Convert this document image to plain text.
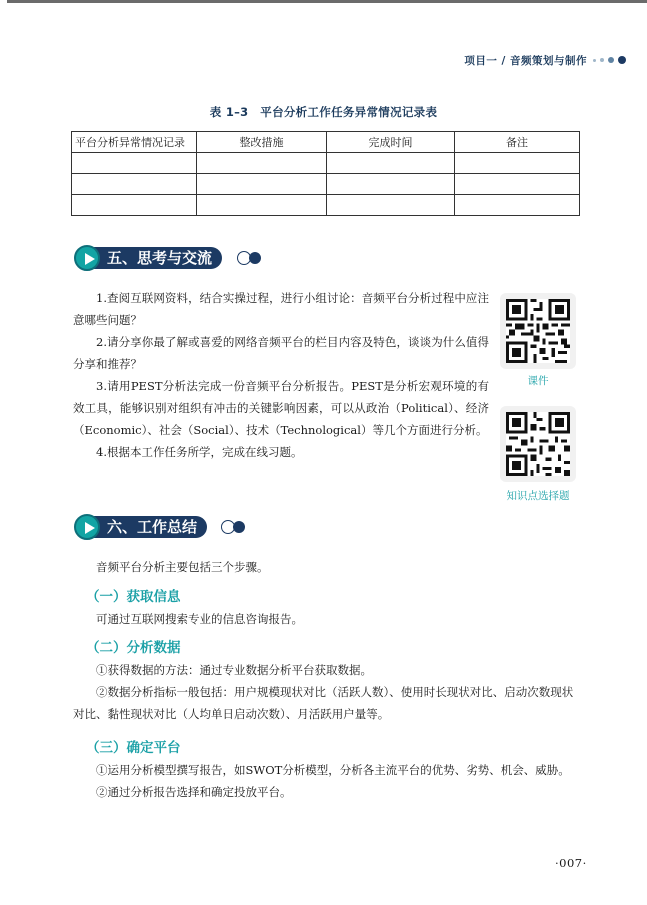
项目一 / 音频策划与制作
表 1–3　平台分析工作任务异常情况记录表
平台分析异常情况记录	整改措施	完成时间	备注

五、思考与交流

1.查阅互联网资料，结合实操过程，进行小组讨论：音频平台分析过程中应注意哪些问题？

2.请分享你最了解或喜爱的网络音频平台的栏目内容及特色，谈谈为什么值得分享和推荐？

3.请用PEST分析法完成一份音频平台分析报告。PEST是分析宏观环境的有效工具，能够识别对组织有冲击的关键影响因素，可以从政治（Political）、经济（Economic）、社会（Social）、技术（Technological）等几个方面进行分析。

4.根据本工作任务所学，完成在线习题。

课件
知识点选择题
六、工作总结

音频平台分析主要包括三个步骤。

（一）获取信息

可通过互联网搜索专业的信息咨询报告。

（二）分析数据

①获得数据的方法：通过专业数据分析平台获取数据。

②数据分析指标一般包括：用户规模现状对比（活跃人数）、使用时长现状对比、启动次数现状对比、黏性现状对比（人均单日启动次数）、月活跃用户量等。

（三）确定平台

①运用分析模型撰写报告，如SWOT分析模型，分析各主流平台的优势、劣势、机会、威胁。

②通过分析报告选择和确定投放平台。

·007·
